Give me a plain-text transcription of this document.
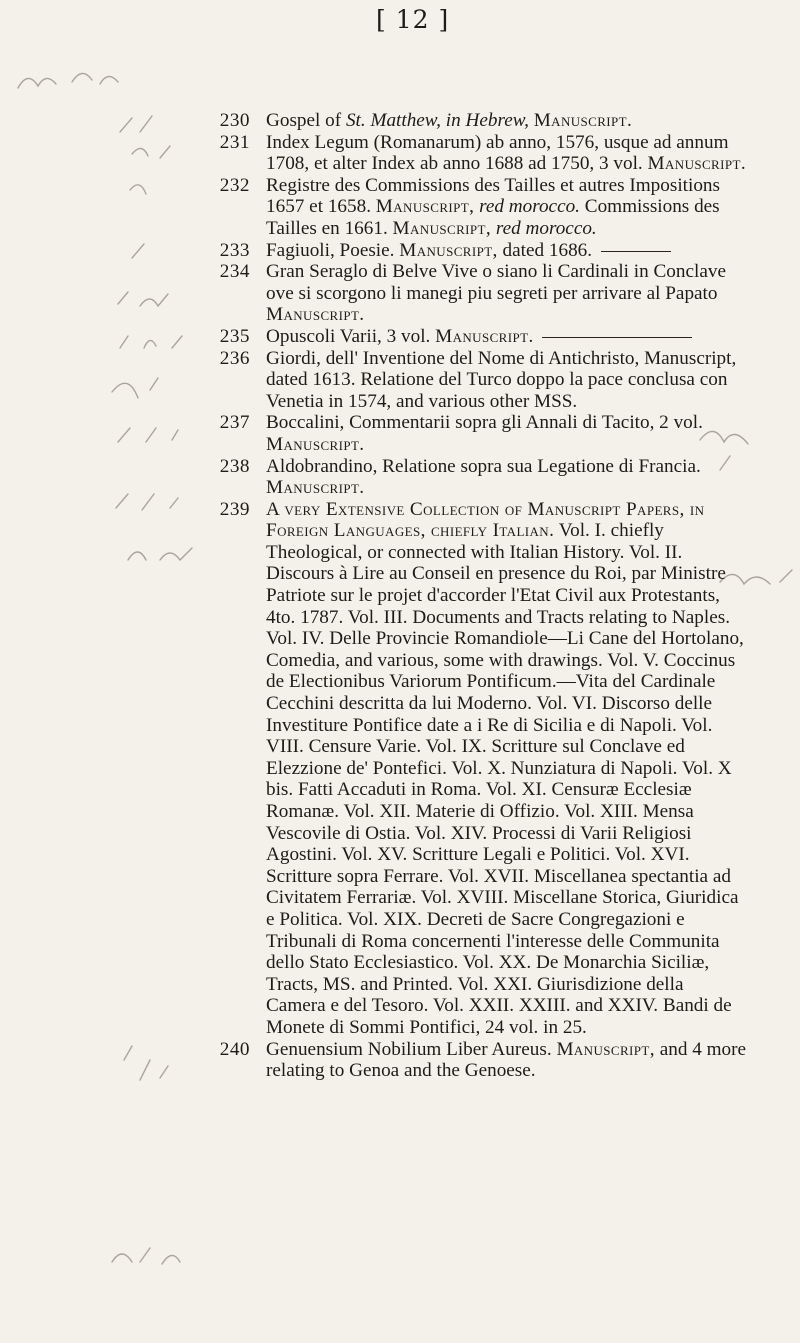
[ 12 ]
230 Gospel of St. Matthew, in Hebrew, Manuscript.
231 Index Legum (Romanarum) ab anno, 1576, usque ad annum 1708, et alter Index ab anno 1688 ad 1750, 3 vol. Manuscript.
232 Registre des Commissions des Tailles et autres Impositions 1657 et 1658. Manuscript, red morocco. Commissions des Tailles en 1661. Manuscript, red morocco.
233 Fagiuoli, Poesie. Manuscript, dated 1686.
234 Gran Seraglo di Belve Vive o siano li Cardinali in Conclave ove si scorgono li manegi piu segreti per arrivare al Papato Manuscript.
235 Opuscoli Varii, 3 vol. Manuscript.
236 Giordi, dell' Inventione del Nome di Antichristo, Manuscript, dated 1613. Relatione del Turco doppo la pace conclusa con Venetia in 1574, and various other MSS.
237 Boccalini, Commentarii sopra gli Annali di Tacito, 2 vol. Manuscript.
238 Aldobrandino, Relatione sopra sua Legatione di Francia. Manuscript.
239 A very Extensive Collection of Manuscript Papers, in Foreign Languages, chiefly Italian. Vol. I. chiefly Theological, or connected with Italian History. Vol. II. Discours à Lire au Conseil en presence du Roi, par Ministre Patriote sur le projet d'accorder l'Etat Civil aux Protestants, 4to. 1787. Vol. III. Documents and Tracts relating to Naples. Vol. IV. Delle Provincie Romandiole—Li Cane del Hortolano, Comedia, and various, some with drawings. Vol. V. Coccinus de Electionibus Variorum Pontificum.—Vita del Cardinale Cecchini descritta da lui Moderno. Vol. VI. Discorso delle Investiture Pontifice date a i Re di Sicilia e di Napoli. Vol. VIII. Censure Varie. Vol. IX. Scritture sul Conclave ed Elezzione de' Pontefici. Vol. X. Nunziatura di Napoli. Vol. X bis. Fatti Accaduti in Roma. Vol. XI. Censuræ Ecclesiæ Romanæ. Vol. XII. Materie di Offizio. Vol. XIII. Mensa Vescovile di Ostia. Vol. XIV. Processi di Varii Religiosi Agostini. Vol. XV. Scritture Legali e Politici. Vol. XVI. Scritture sopra Ferrare. Vol. XVII. Miscellanea spectantia ad Civitatem Ferrariæ. Vol. XVIII. Miscellane Storica, Giuridica e Politica. Vol. XIX. Decreti de Sacre Congregazioni e Tribunali di Roma concernenti l'interesse delle Communita dello Stato Ecclesiastico. Vol. XX. De Monarchia Siciliæ, Tracts, MS. and Printed. Vol. XXI. Giurisdizione della Camera e del Tesoro. Vol. XXII. XXIII. and XXIV. Bandi de Monete di Sommi Pontifici, 24 vol. in 25.
240 Genuensium Nobilium Liber Aureus. Manuscript, and 4 more relating to Genoa and the Genoese.
